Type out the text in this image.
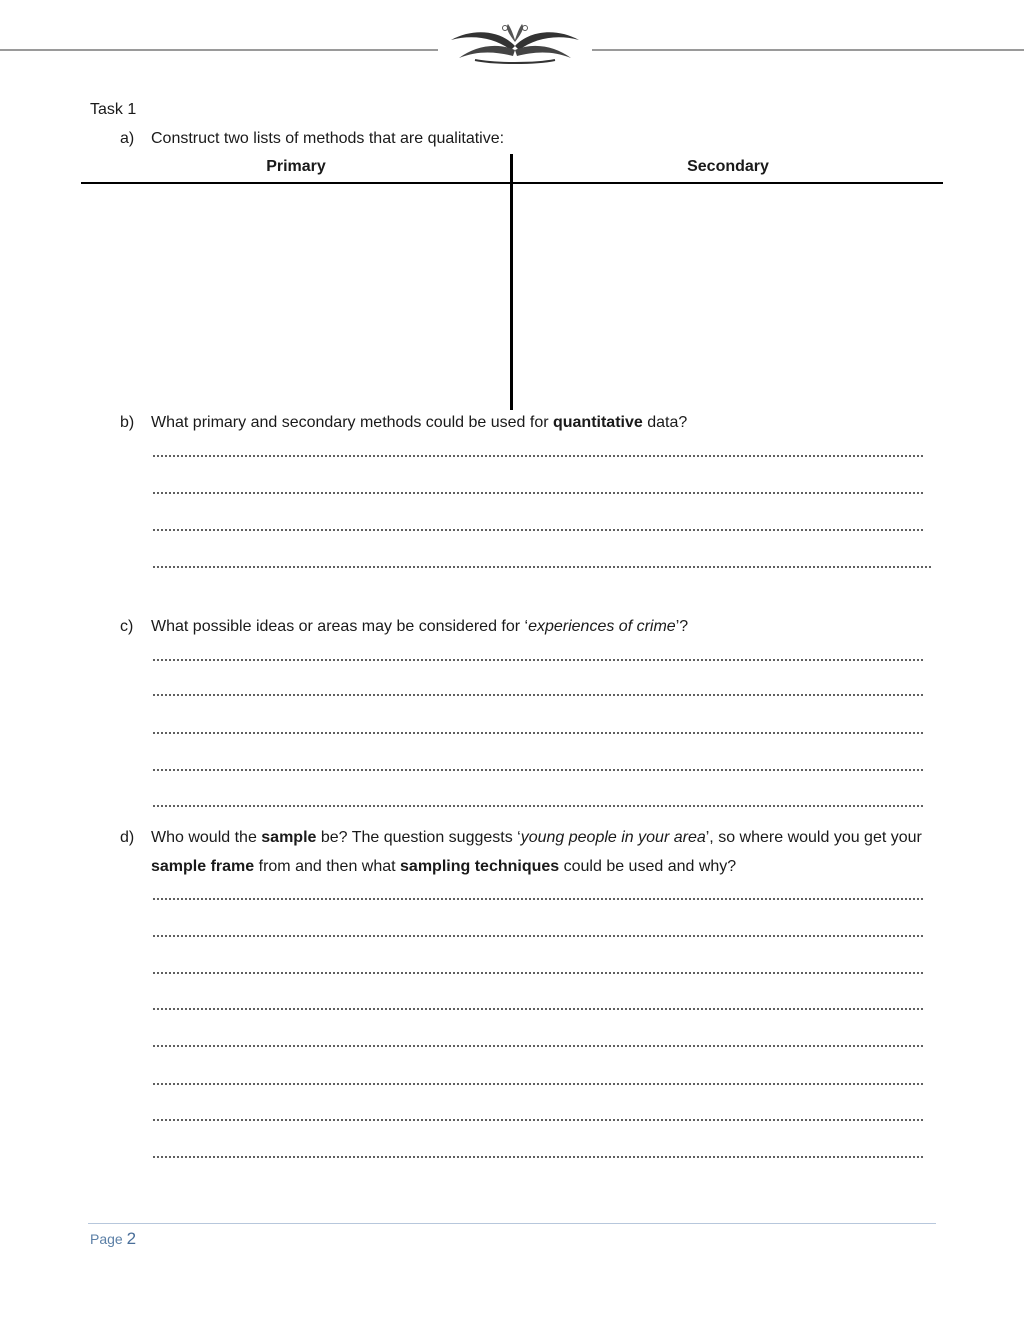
Task 1
a) Construct two lists of methods that are qualitative:
Primary	Secondary
b) What primary and secondary methods could be used for quantitative data?
c) What possible ideas or areas may be considered for ‘experiences of crime’?
d) Who would the sample be? The question suggests ‘young people in your area’, so where would you get your sample frame from and then what sampling techniques could be used and why?
Page 2
